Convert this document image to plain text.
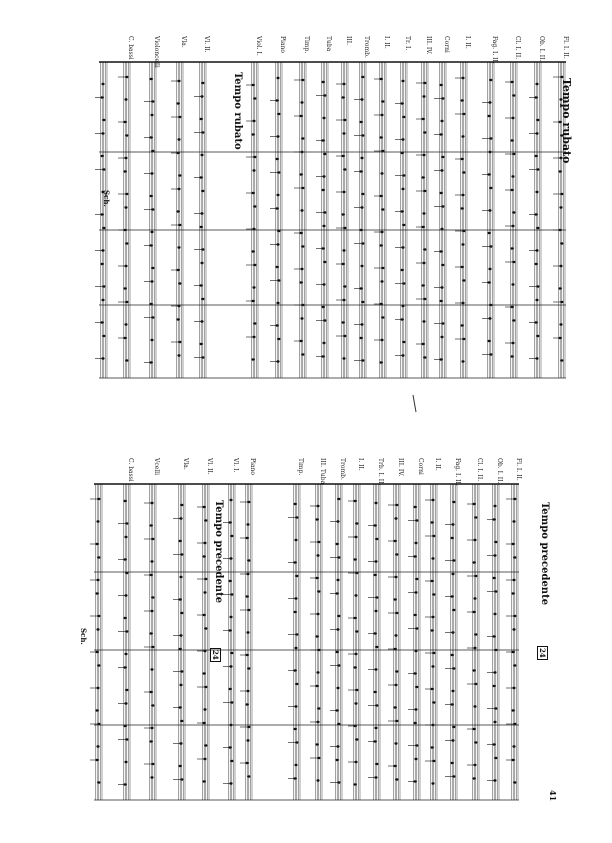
Fl. I. II.
Ob. I. II.
Cl. I. II.
Fag. I. II.
I. II.
Corni
III. IV.
Tr. I.
I. II.
Tromb.
III.
Tuba
Timp.
Piano
Viol. I.
Vl. II.
Vla.
Violoncelli
C. bassi
Fl. I. II.
Ob. I. II.
Cl. I. II.
Fag. I. II.
I. II.
Corni
III. IV.
Trb. I. II.
I. II.
Tromb.
III. Tuba
Timp.
Piano
Vl. I.
Vl. II.
Vla.
Vcelli
C. bassi
Tempo rubato
Tempo rubato
Tempo precedente
Tempo precedente
24
24
41
Sch.
Sch.
